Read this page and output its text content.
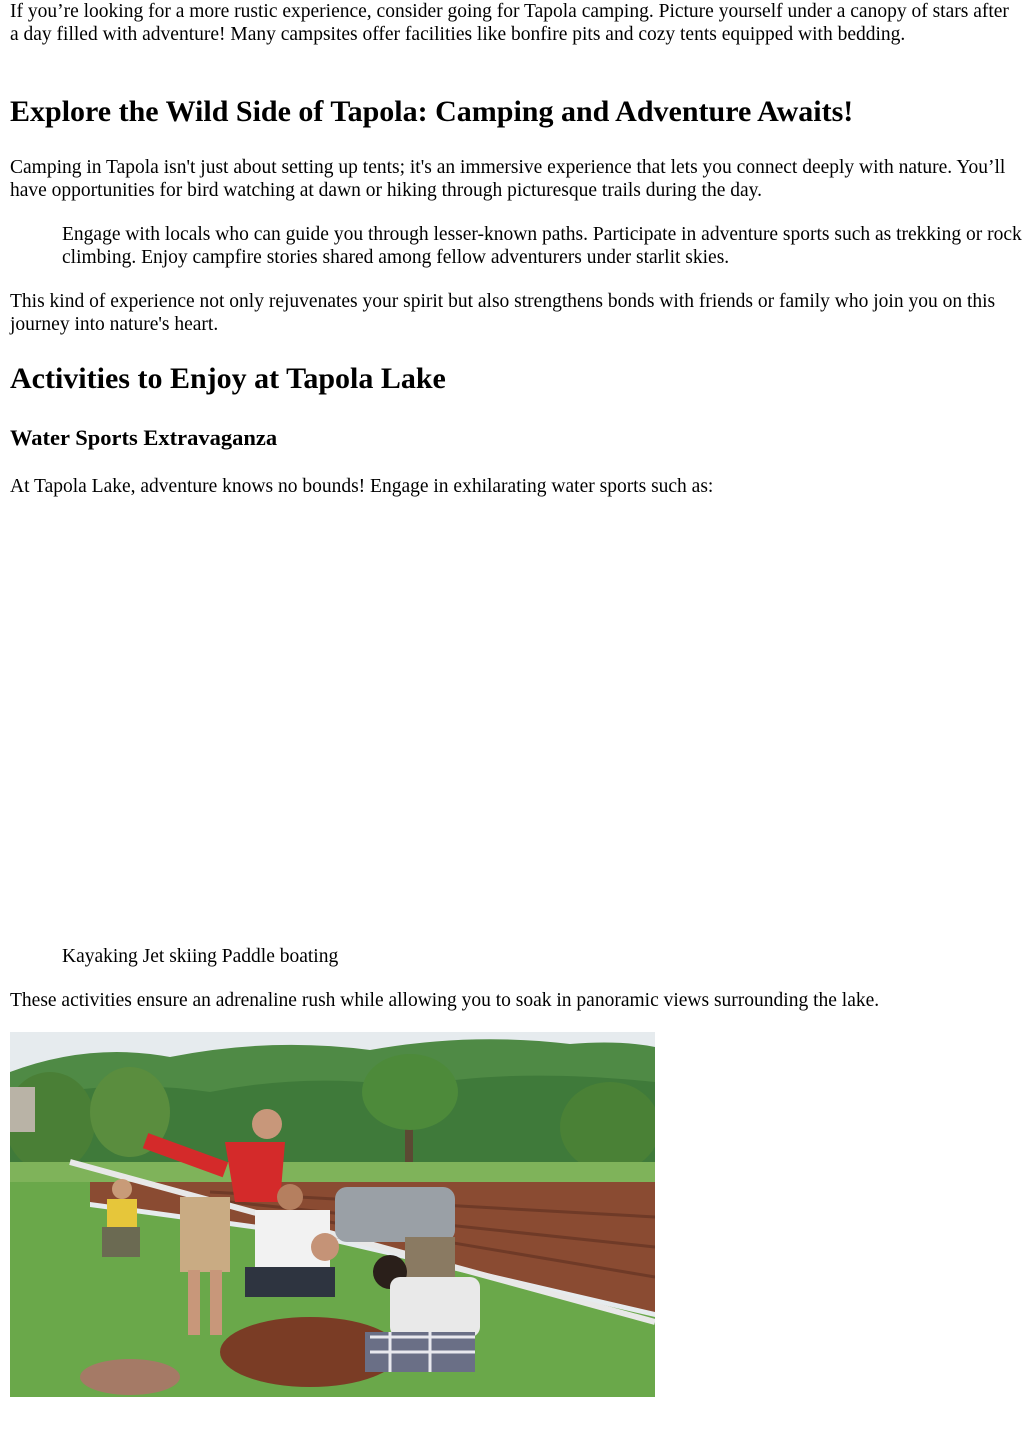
If you’re looking for a more rustic experience, consider going for Tapola camping. Picture yourself under a canopy of stars after a day filled with adventure! Many campsites offer facilities like bonfire pits and cozy tents equipped with bedding.

Explore the Wild Side of Tapola: Camping and Adventure Awaits!

Camping in Tapola isn't just about setting up tents; it's an immersive experience that lets you connect deeply with nature. You’ll have opportunities for bird watching at dawn or hiking through picturesque trails during the day.

Engage with locals who can guide you through lesser-known paths. Participate in adventure sports such as trekking or rock climbing. Enjoy campfire stories shared among fellow adventurers under starlit skies.

This kind of experience not only rejuvenates your spirit but also strengthens bonds with friends or family who join you on this journey into nature's heart.

Activities to Enjoy at Tapola Lake
Water Sports Extravaganza

At Tapola Lake, adventure knows no bounds! Engage in exhilarating water sports such as:

Kayaking Jet skiing Paddle boating

These activities ensure an adrenaline rush while allowing you to soak in panoramic views surrounding the lake.
